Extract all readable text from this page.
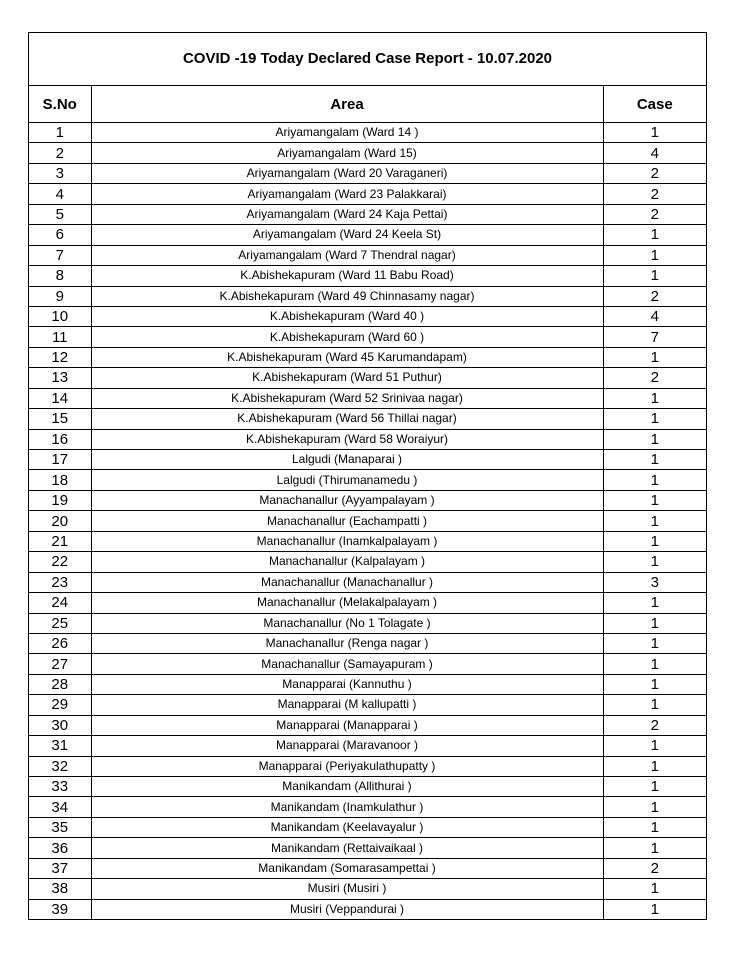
COVID -19 Today Declared Case Report - 10.07.2020
S.No	Area	Case
1	Ariyamangalam (Ward 14 )	1
2	Ariyamangalam (Ward 15)	4
3	Ariyamangalam (Ward 20 Varaganeri)	2
4	Ariyamangalam (Ward 23 Palakkarai)	2
5	Ariyamangalam (Ward 24 Kaja Pettai)	2
6	Ariyamangalam (Ward 24 Keela St)	1
7	Ariyamangalam (Ward 7 Thendral nagar)	1
8	K.Abishekapuram (Ward 11 Babu Road)	1
9	K.Abishekapuram (Ward 49 Chinnasamy nagar)	2
10	K.Abishekapuram (Ward 40 )	4
11	K.Abishekapuram (Ward 60 )	7
12	K.Abishekapuram (Ward 45 Karumandapam)	1
13	K.Abishekapuram (Ward 51 Puthur)	2
14	K.Abishekapuram (Ward 52 Srinivaa nagar)	1
15	K.Abishekapuram (Ward 56 Thillai nagar)	1
16	K.Abishekapuram (Ward 58 Woraiyur)	1
17	Lalgudi (Manaparai )	1
18	Lalgudi (Thirumanamedu )	1
19	Manachanallur (Ayyampalayam )	1
20	Manachanallur (Eachampatti )	1
21	Manachanallur (Inamkalpalayam )	1
22	Manachanallur (Kalpalayam )	1
23	Manachanallur (Manachanallur )	3
24	Manachanallur (Melakalpalayam )	1
25	Manachanallur (No 1 Tolagate )	1
26	Manachanallur (Renga nagar )	1
27	Manachanallur (Samayapuram )	1
28	Manapparai (Kannuthu )	1
29	Manapparai (M kallupatti )	1
30	Manapparai (Manapparai )	2
31	Manapparai (Maravanoor )	1
32	Manapparai (Periyakulathupatty )	1
33	Manikandam (Allithurai )	1
34	Manikandam (Inamkulathur )	1
35	Manikandam (Keelavayalur )	1
36	Manikandam (Rettaivaikaal )	1
37	Manikandam (Somarasampettai )	2
38	Musiri (Musiri )	1
39	Musiri (Veppandurai )	1
